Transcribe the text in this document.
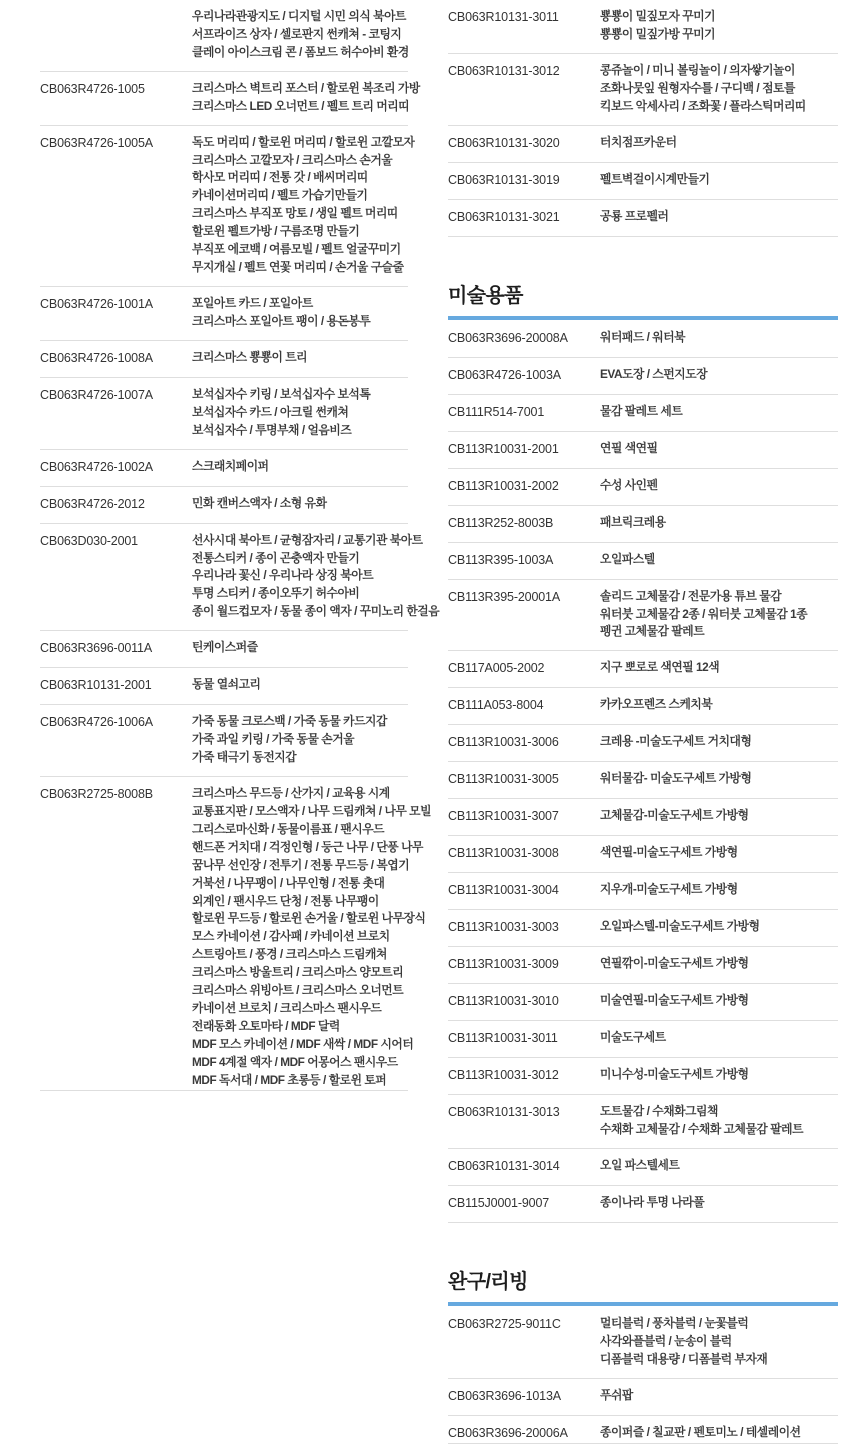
	우리나라관광지도 / 디지털 시민 의식 북아트
서프라이즈 상자 / 셀로판지 썬캐쳐 - 코팅지
클레이 아이스크림 콘 / 폼보드 허수아비 환경

CB063R4726-1005	크리스마스 벽트리 포스터 / 할로윈 복조리 가방
크리스마스 LED 오너먼트 / 펠트 트리 머리띠

CB063R4726-1005A	독도 머리띠 / 할로윈 머리띠 / 할로윈 고깔모자
크리스마스 고깔모자 / 크리스마스 손거울
학사모 머리띠 / 전통 갓 / 배씨머리띠
카네이션머리띠 / 펠트 가습기만들기
크리스마스 부직포 망토 / 생일 펠트 머리띠
할로윈 펠트가방 / 구름조명 만들기
부직포 에코백 / 여름모빌 / 펠트 얼굴꾸미기
무지개실 / 펠트 연꽃 머리띠 / 손거울 구슬줄

CB063R4726-1001A	포일아트 카드 / 포일아트
크리스마스 포일아트 팽이 / 용돈봉투

CB063R4726-1008A	크리스마스 뿅뿅이 트리

CB063R4726-1007A	보석십자수 키링 / 보석십자수 보석톡
보석십자수 카드 / 아크릴 썬캐쳐
보석십자수 / 투명부채 / 얼음비즈

CB063R4726-1002A	스크래치페이퍼

CB063R4726-2012	민화 캔버스액자 / 소형 유화

CB063D030-2001	선사시대 북아트 / 균형잠자리 / 교통기관 북아트
전통스티커 / 종이 곤충액자 만들기
우리나라 꽃신 / 우리나라 상징 북아트
투명 스티커 / 종이오뚜기 허수아비
종이 월드컵모자 / 동물 종이 액자 / 꾸미노리 한걸음

CB063R3696-0011A	틴케이스퍼즐

CB063R10131-2001	동물 열쇠고리

CB063R4726-1006A	가죽 동물 크로스백 / 가죽 동물 카드지갑
가죽 과일 키링 / 가죽 동물 손거울
가죽 태극기 동전지갑

CB063R2725-8008B	크리스마스 무드등 / 산가지 / 교육용 시계
교통표지판 / 모스액자 / 나무 드림캐쳐 / 나무 모빌
그리스로마신화 / 동물이름표 / 팬시우드
핸드폰 거치대 / 걱정인형 / 둥근 나무 / 단풍 나무
꿈나무 선인장 / 전투기 / 전통 무드등 / 복엽기
거북선 / 나무팽이 / 나무인형 / 전통 촛대
외계인 / 팬시우드 단청 / 전통 나무팽이
할로윈 무드등 / 할로윈 손거울 / 할로윈 나무장식
모스 카네이션 / 감사패 / 카네이션 브로치
스트링아트 / 풍경 / 크리스마스 드림캐쳐
크리스마스 방울트리 / 크리스마스 양모트리
크리스마스 위빙아트 / 크리스마스 오너먼트
카네이션 브로치 / 크리스마스 팬시우드
전래동화 오토마타 / MDF 달력
MDF 모스 카네이션 / MDF 새싹 / MDF 시어터
MDF 4계절 액자 / MDF 어몽어스 팬시우드
MDF 독서대 / MDF 초롱등 / 할로윈 토퍼
CB063R10131-3011	뿅뿅이 밀짚모자 꾸미기
뿅뿅이 밀짚가방 꾸미기

CB063R10131-3012	콩쥬놀이 / 미니 볼링놀이 / 의자쌓기놀이
조화나뭇잎 원형자수틀 / 구디백 / 점토틀
킥보드 악세사리 / 조화꽃 / 플라스틱머리띠

CB063R10131-3020	터치점프카운터

CB063R10131-3019	펠트벽걸이시계만들기

CB063R10131-3021	공룡 프로펠러
미술용품
CB063R3696-20008A	워터패드 / 워터북

CB063R4726-1003A	EVA도장 / 스펀지도장

CB111R514-7001	물감 팔레트 세트

CB113R10031-2001	연필 색연필

CB113R10031-2002	수성 사인펜

CB113R252-8003B	패브릭크레용

CB113R395-1003A	오일파스텔

CB113R395-20001A	솔리드 고체물감 / 전문가용 튜브 물감
워터붓 고체물감 2종 / 워터붓 고체물감 1종
펭귄 고체물감 팔레트

CB117A005-2002	지구 뽀로로 색연필 12색

CB111A053-8004	카카오프렌즈 스케치북

CB113R10031-3006	크레용 -미술도구세트 거치대형

CB113R10031-3005	워터물감- 미술도구세트 가방형

CB113R10031-3007	고체물감-미술도구세트 가방형

CB113R10031-3008	색연필-미술도구세트 가방형

CB113R10031-3004	지우개-미술도구세트 가방형

CB113R10031-3003	오일파스텔-미술도구세트 가방형

CB113R10031-3009	연필깎이-미술도구세트 가방형

CB113R10031-3010	미술연필-미술도구세트 가방형

CB113R10031-3011	미술도구세트

CB113R10031-3012	미니수성-미술도구세트 가방형

CB063R10131-3013	도트물감 / 수채화그림책
수채화 고체물감 / 수채화 고체물감 팔레트

CB063R10131-3014	오일 파스텔세트

CB115J0001-9007	종이나라 투명 나라풀
완구/리빙
CB063R2725-9011C	멀티블럭 / 풍차블럭 / 눈꽃블럭
사각와플블럭 / 눈송이 블럭
디폼블럭 대용량 / 디폼블럭 부자재

CB063R3696-1013A	푸쉬팝

CB063R3696-20006A	종이퍼즐 / 칠교판 / 펜토미노 / 테셀레이션
